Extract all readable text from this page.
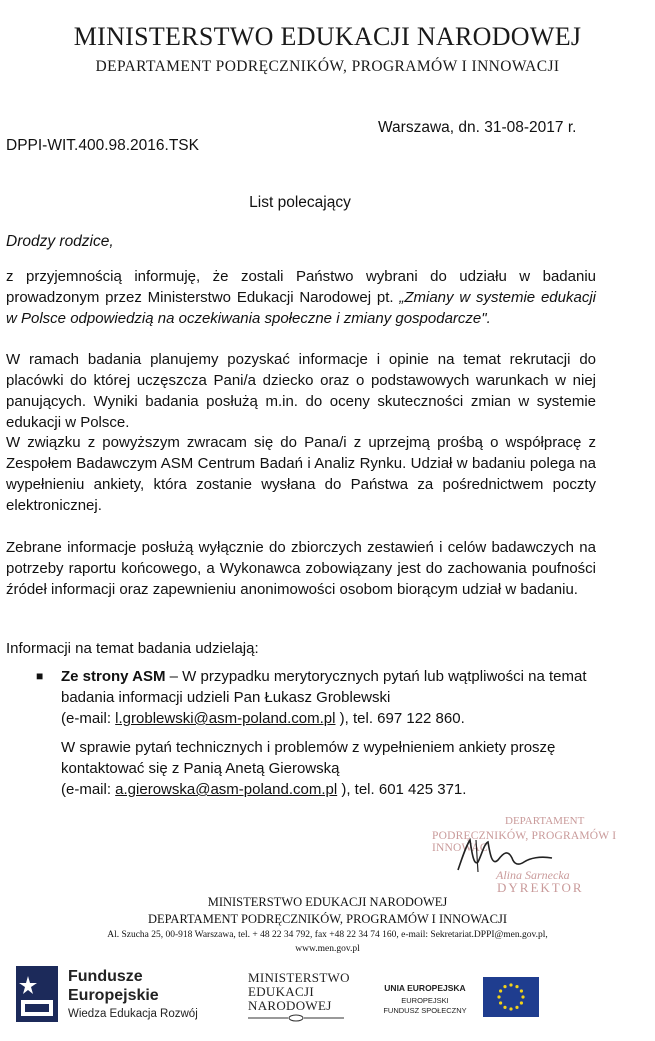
MINISTERSTWO EDUKACJI NARODOWEJ
DEPARTAMENT PODRĘCZNIKÓW, PROGRAMÓW I INNOWACJI
Warszawa, dn. 31-08-2017 r.
DPPI-WIT.400.98.2016.TSK
List polecający
Drodzy rodzice,
z przyjemnością informuję, że zostali Państwo wybrani do udziału w badaniu prowadzonym przez Ministerstwo Edukacji Narodowej pt. „Zmiany w systemie edukacji w Polsce odpowiedzią na oczekiwania społeczne i zmiany gospodarcze".
W ramach badania planujemy pozyskać informacje i opinie na temat rekrutacji do placówki do której uczęszcza Pani/a dziecko oraz o podstawowych warunkach w niej panujących. Wyniki badania posłużą m.in. do oceny skuteczności zmian w systemie edukacji w Polsce.
W związku z powyższym zwracam się do Pana/i z uprzejmą prośbą o współpracę z Zespołem Badawczym ASM Centrum Badań i Analiz Rynku. Udział w badaniu polega na wypełnieniu ankiety, która zostanie wysłana do Państwa za pośrednictwem poczty elektronicznej.
Zebrane informacje posłużą wyłącznie do zbiorczych zestawień i celów badawczych na potrzeby raportu końcowego, a Wykonawca zobowiązany jest do zachowania poufności źródeł informacji oraz zapewnieniu anonimowości osobom biorącym udział w badaniu.
Informacji na temat badania udzielają:
■ Ze strony ASM – W przypadku merytorycznych pytań lub wątpliwości na temat badania informacji udzieli Pan Łukasz Groblewski
(e-mail: l.groblewski@asm-poland.com.pl ), tel. 697 122 860.
W sprawie pytań technicznych i problemów z wypełnieniem ankiety proszę kontaktować się z Panią Anetą Gierowską
(e-mail: a.gierowska@asm-poland.com.pl ), tel. 601 425 371.
DEPARTAMENT
PODRĘCZNIKÓW, PROGRAMÓW I INNOWAC
Alina Sarnecka
DYREKTOR
MINISTERSTWO EDUKACJI NARODOWEJ
DEPARTAMENT PODRĘCZNIKÓW, PROGRAMÓW I INNOWACJI
Al. Szucha 25, 00-918 Warszawa, tel. + 48 22 34 792, fax +48 22 34 74 160, e-mail: Sekretariat.DPPI@men.gov.pl,
www.men.gov.pl
Fundusze
Europejskie
Wiedza Edukacja Rozwój
MINISTERSTWO
EDUKACJI
NARODOWEJ
UNIA EUROPEJSKA
EUROPEJSKI
FUNDUSZ SPOŁECZNY
